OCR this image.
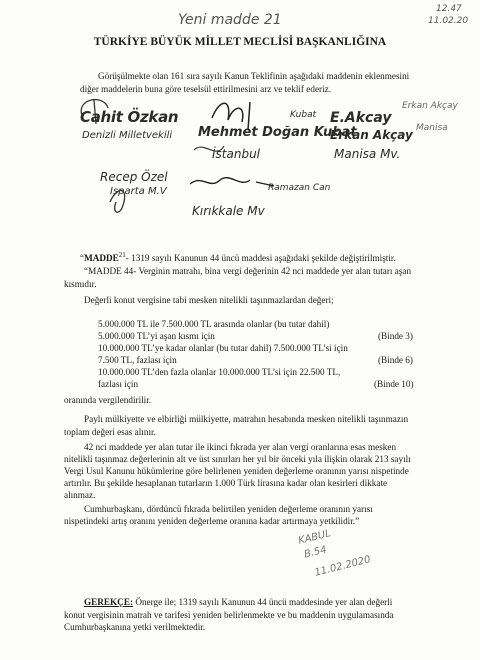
Yeni madde 21
12.47
11.02.20
TÜRKİYE BÜYÜK MİLLET MECLİSİ BAŞKANLIĞINA
Görüşülmekte olan 161 sıra sayılı Kanun Teklifinin aşağıdaki maddenin eklenmesini
diğer maddelerin buna göre teselsül ettirilmesini arz ve teklif ederiz.
Cahit Özkan
Denizli Milletvekili Mehmet Doğan Kubat
İstanbul
Kubat E.Akcay
Erkan Akçay
Erkan Akçay
Manisa
Manisa Mv.
Recep Özel
Isparta M.V	Ramazan Can
Kırıkkale Mv
“MADDE$^{21}$- 1319 sayılı Kanunun 44 üncü maddesi aşağıdaki şekilde değiştirilmiştir.
“MADDE 44- Verginin matrahı, bina vergi değerinin 42 nci maddede yer alan tutarı aşan
kısmıdır.
Değerli konut vergisine tabi mesken nitelikli taşınmazlardan değeri;
5.000.000 TL ile 7.500.000 TL arasında olanlar (bu tutar dahil)
5.000.000 TL’yi aşan kısmı için	(Binde 3)
10.000.000 TL’ye kadar olanlar (bu tutar dahil) 7.500.000 TL’si için
7.500 TL, fazlası için	(Binde 6)
10.000.000 TL’den fazla olanlar 10.000.000 TL’si için 22.500 TL,
fazlası için	(Binde 10)
oranında vergilendirilir.
Paylı mülkiyette ve elbirliği mülkiyette, matrahın hesabında mesken nitelikli taşınmazın
toplam değeri esas alınır.
42 nci maddede yer alan tutar ile ikinci fıkrada yer alan vergi oranlarına esas mesken
nitelikli taşınmaz değerlerinin alt ve üst sınırları her yıl bir önceki yıla ilişkin olarak 213 sayılı
Vergi Usul Kanunu hükümlerine göre belirlenen yeniden değerleme oranının yarısı nispetinde
artırılır. Bu şekilde hesaplanan tutarların 1.000 Türk lirasına kadar olan kesirleri dikkate
alınmaz.
Cumhurbaşkanı, dördüncü fıkrada belirtilen yeniden değerleme oranının yarısı
nispetindeki artış oranını yeniden değerleme oranına kadar artırmaya yetkilidir.”
KABUL
B.54
11.02.2020
GEREKÇE: Önerge ile; 1319 sayılı Kanunun 44 üncü maddesinde yer alan değerli
konut vergisinin matrah ve tarifesi yeniden belirlenmekte ve bu maddenin uygulamasında
Cumhurbaşkanına yetki verilmektedir.
